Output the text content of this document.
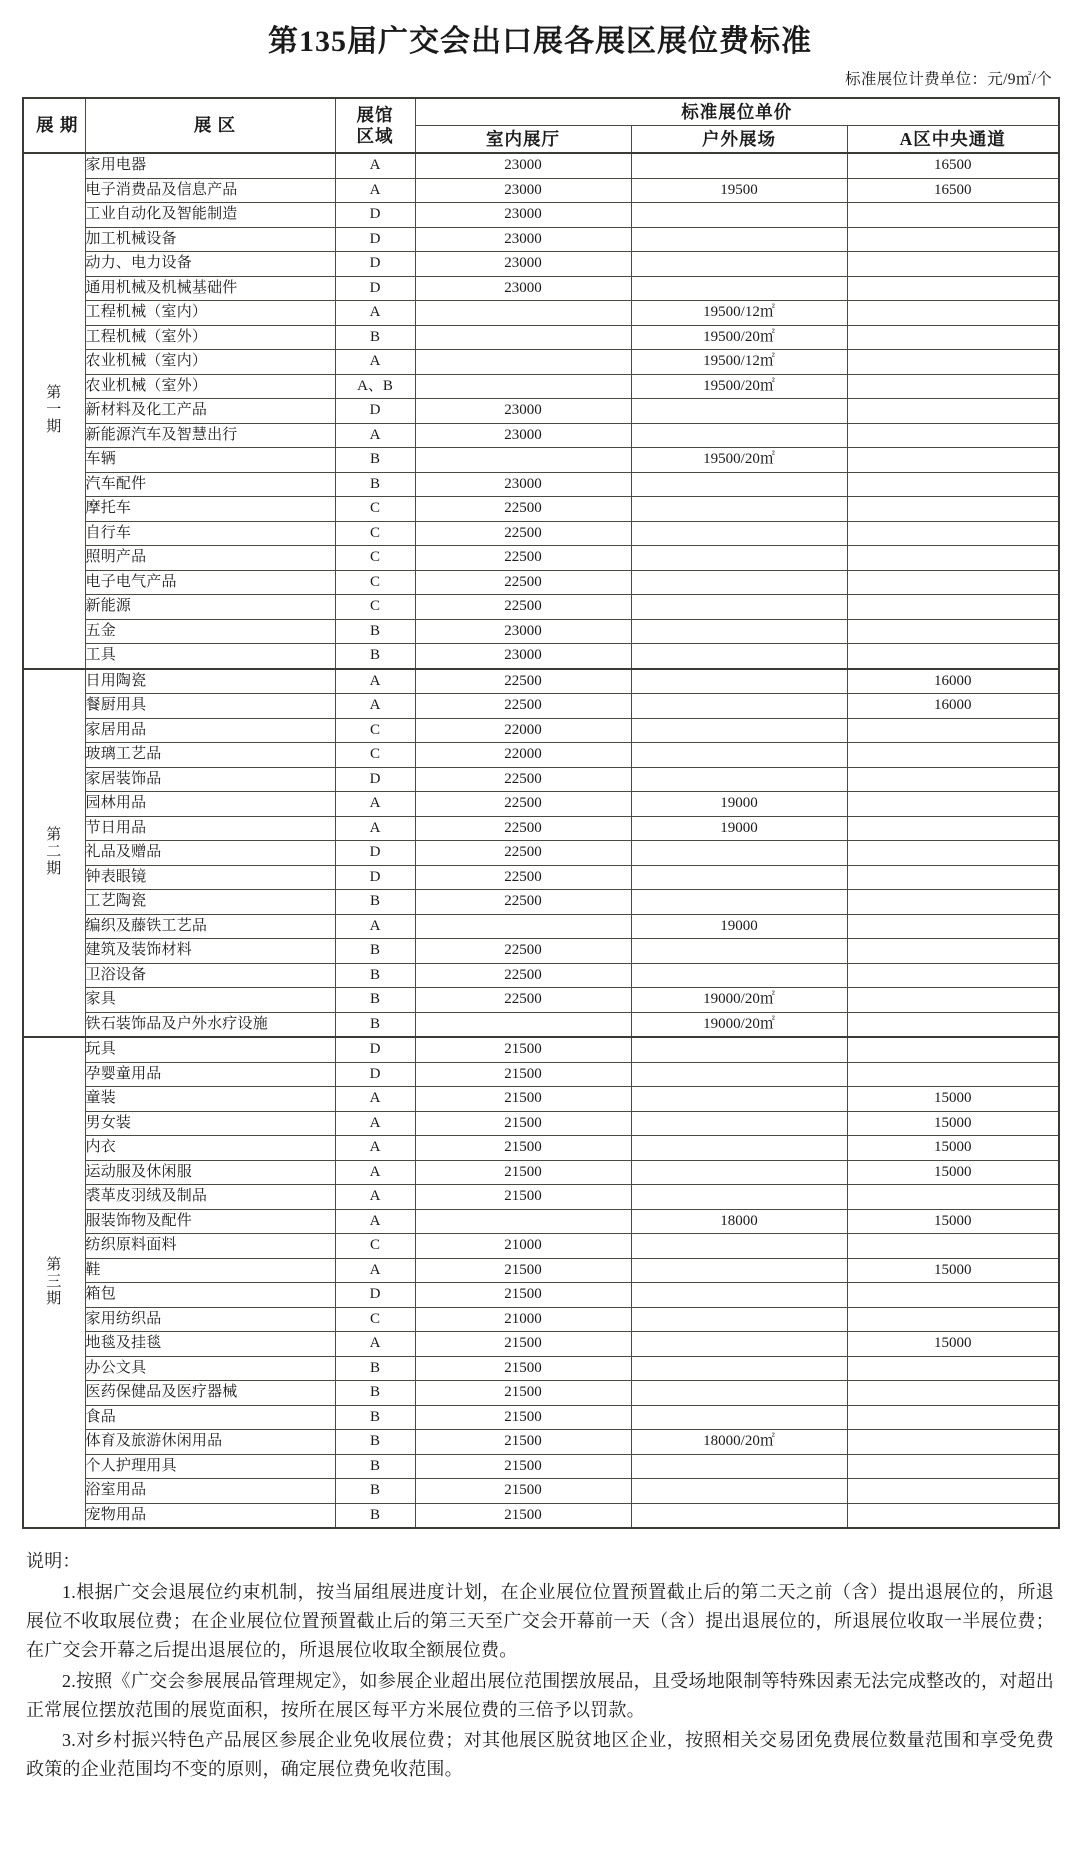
第135届广交会出口展各展区展位费标准
标准展位计费单位：元/9㎡/个
展 期	展 区	展馆
区域	标准展位单价		
			室内展厅	户外展场	A区中央通道

第
一
期	家用电器	A	23000		16500
	电子消费品及信息产品	A	23000	19500	16500
	工业自动化及智能制造	D	23000		
	加工机械设备	D	23000		
	动力、电力设备	D	23000		
	通用机械及机械基础件	D	23000		
	工程机械（室内）	A		19500/12㎡	
	工程机械（室外）	B		19500/20㎡	
	农业机械（室内）	A		19500/12㎡	
	农业机械（室外）	A、B		19500/20㎡	
	新材料及化工产品	D	23000		
	新能源汽车及智慧出行	A	23000		
	车辆	B		19500/20㎡	
	汽车配件	B	23000		
	摩托车	C	22500		
	自行车	C	22500		
	照明产品	C	22500		
	电子电气产品	C	22500		
	新能源	C	22500		
	五金	B	23000		
	工具	B	23000		

第
二
期	日用陶瓷	A	22500		16000
	餐厨用具	A	22500		16000
	家居用品	C	22000		
	玻璃工艺品	C	22000		
	家居装饰品	D	22500		
	园林用品	A	22500	19000	
	节日用品	A	22500	19000	
	礼品及赠品	D	22500		
	钟表眼镜	D	22500		
	工艺陶瓷	B	22500		
	编织及藤铁工艺品	A		19000	
	建筑及装饰材料	B	22500		
	卫浴设备	B	22500		
	家具	B	22500	19000/20㎡	
	铁石装饰品及户外水疗设施	B		19000/20㎡	

第
三
期	玩具	D	21500		
	孕婴童用品	D	21500		
	童装	A	21500		15000
	男女装	A	21500		15000
	内衣	A	21500		15000
	运动服及休闲服	A	21500		15000
	裘革皮羽绒及制品	A	21500		
	服装饰物及配件	A		18000	15000
	纺织原料面料	C	21000		
	鞋	A	21500		15000
	箱包	D	21500		
	家用纺织品	C	21000		
	地毯及挂毯	A	21500		15000
	办公文具	B	21500		
	医药保健品及医疗器械	B	21500		
	食品	B	21500		
	体育及旅游休闲用品	B	21500	18000/20㎡	
	个人护理用具	B	21500		
	浴室用品	B	21500		
	宠物用品	B	21500		
说明：
1.根据广交会退展位约束机制，按当届组展进度计划，在企业展位位置预置截止后的第二天之前（含）提出退展位的，所退展位不收取展位费；在企业展位位置预置截止后的第三天至广交会开幕前一天（含）提出退展位的，所退展位收取一半展位费；在广交会开幕之后提出退展位的，所退展位收取全额展位费。
2.按照《广交会参展展品管理规定》，如参展企业超出展位范围摆放展品，且受场地限制等特殊因素无法完成整改的，对超出正常展位摆放范围的展览面积，按所在展区每平方米展位费的三倍予以罚款。
3.对乡村振兴特色产品展区参展企业免收展位费；对其他展区脱贫地区企业，按照相关交易团免费展位数量范围和享受免费政策的企业范围均不变的原则，确定展位费免收范围。
